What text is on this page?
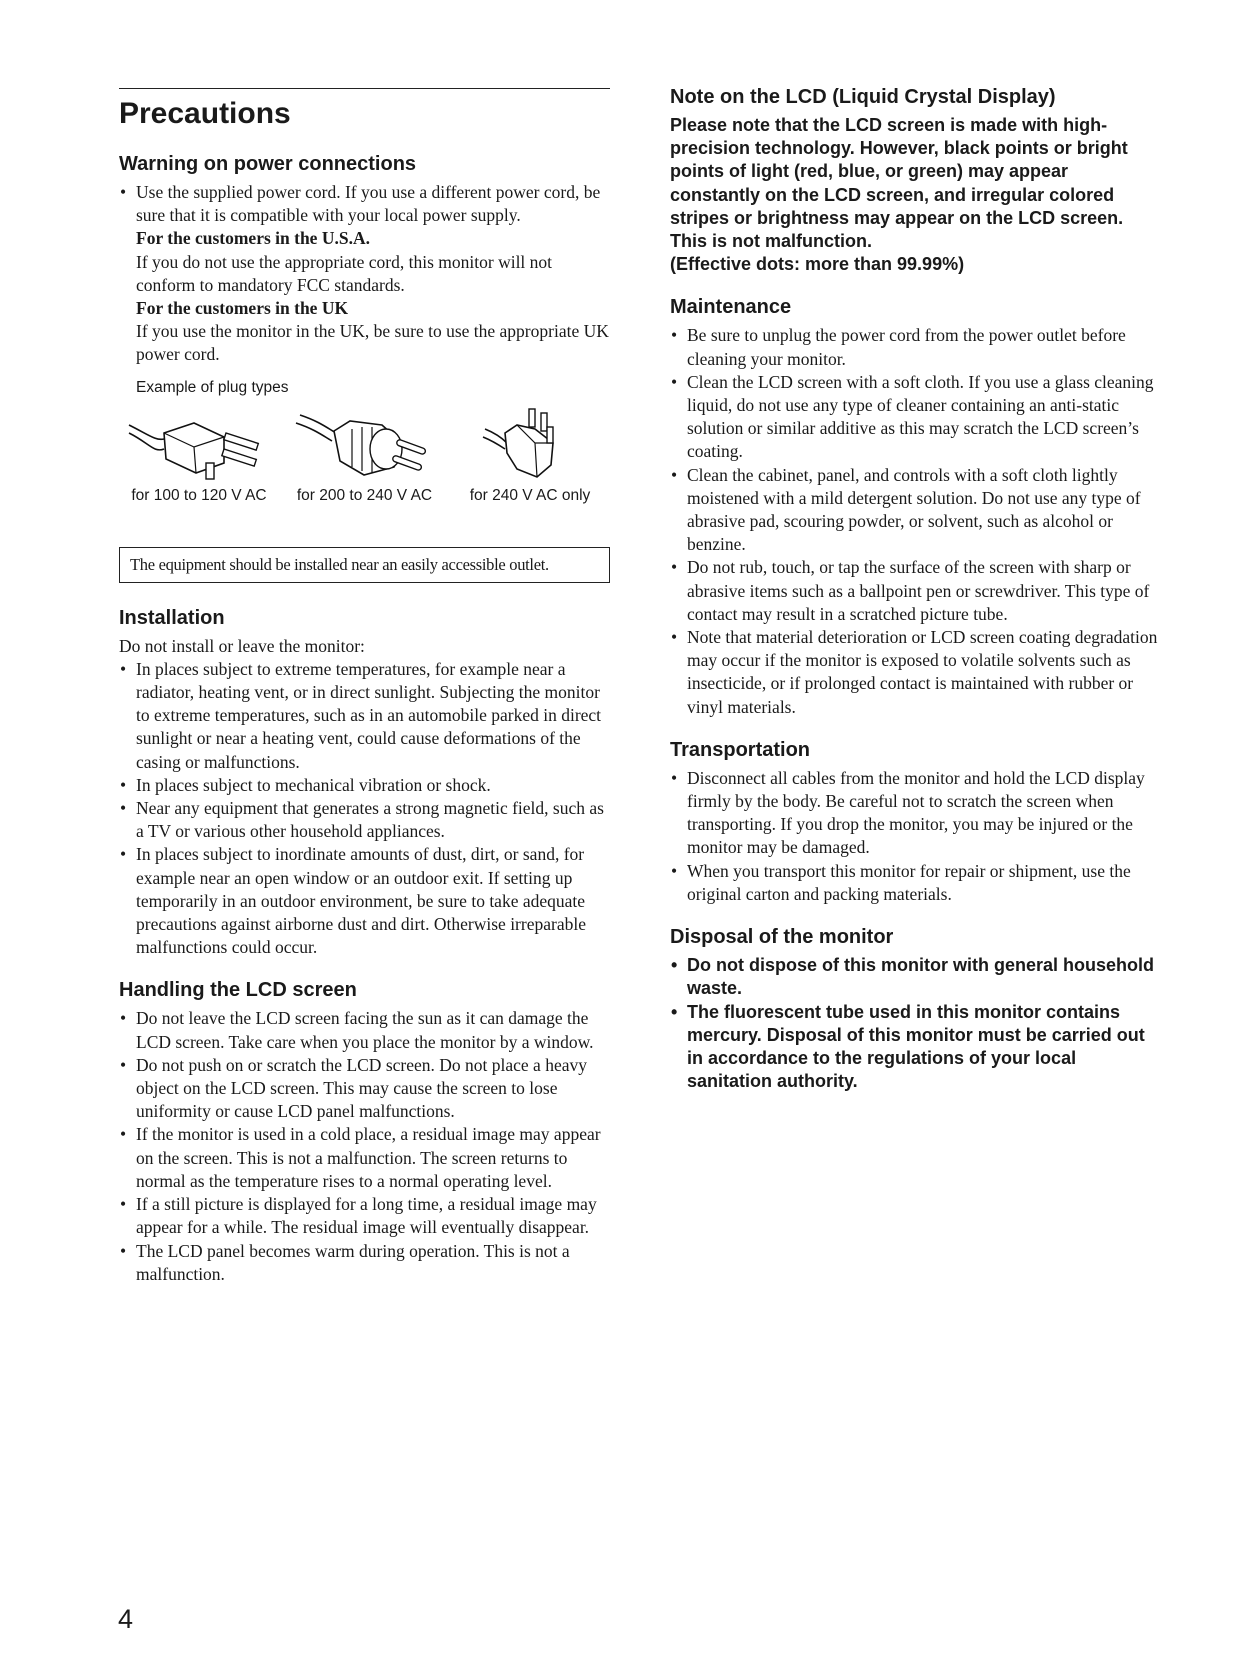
Precautions
Warning on power connections
• Use the supplied power cord. If you use a different power cord, be sure that it is compatible with your local power supply.
For the customers in the U.S.A.
If you do not use the appropriate cord, this monitor will not conform to mandatory FCC standards.
For the customers in the UK
If you use the monitor in the UK, be sure to use the appropriate UK power cord.
Example of plug types
for 100 to 120 V AC	for 200 to 240 V AC	for 240 V AC only
The equipment should be installed near an easily accessible outlet.
Installation
Do not install or leave the monitor:
• In places subject to extreme temperatures, for example near a radiator, heating vent, or in direct sunlight. Subjecting the monitor to extreme temperatures, such as in an automobile parked in direct sunlight or near a heating vent, could cause deformations of the casing or malfunctions.
• In places subject to mechanical vibration or shock.
• Near any equipment that generates a strong magnetic field, such as a TV or various other household appliances.
• In places subject to inordinate amounts of dust, dirt, or sand, for example near an open window or an outdoor exit. If setting up temporarily in an outdoor environment, be sure to take adequate precautions against airborne dust and dirt. Otherwise irreparable malfunctions could occur.
Handling the LCD screen
• Do not leave the LCD screen facing the sun as it can damage the LCD screen. Take care when you place the monitor by a window.
• Do not push on or scratch the LCD screen. Do not place a heavy object on the LCD screen. This may cause the screen to lose uniformity or cause LCD panel malfunctions.
• If the monitor is used in a cold place, a residual image may appear on the screen. This is not a malfunction. The screen returns to normal as the temperature rises to a normal operating level.
• If a still picture is displayed for a long time, a residual image may appear for a while. The residual image will eventually disappear.
• The LCD panel becomes warm during operation. This is not a malfunction.
Note on the LCD (Liquid Crystal Display)
Please note that the LCD screen is made with high-precision technology. However, black points or bright points of light (red, blue, or green) may appear constantly on the LCD screen, and irregular colored stripes or brightness may appear on the LCD screen. This is not malfunction.
(Effective dots: more than 99.99%)
Maintenance
• Be sure to unplug the power cord from the power outlet before cleaning your monitor.
• Clean the LCD screen with a soft cloth. If you use a glass cleaning liquid, do not use any type of cleaner containing an anti-static solution or similar additive as this may scratch the LCD screen’s coating.
• Clean the cabinet, panel, and controls with a soft cloth lightly moistened with a mild detergent solution. Do not use any type of abrasive pad, scouring powder, or solvent, such as alcohol or benzine.
• Do not rub, touch, or tap the surface of the screen with sharp or abrasive items such as a ballpoint pen or screwdriver. This type of contact may result in a scratched picture tube.
• Note that material deterioration or LCD screen coating degradation may occur if the monitor is exposed to volatile solvents such as insecticide, or if prolonged contact is maintained with rubber or vinyl materials.
Transportation
• Disconnect all cables from the monitor and hold the LCD display firmly by the body. Be careful not to scratch the screen when transporting. If you drop the monitor, you may be injured or the monitor may be damaged.
• When you transport this monitor for repair or shipment, use the original carton and packing materials.
Disposal of the monitor
• Do not dispose of this monitor with general household waste.
• The fluorescent tube used in this monitor contains mercury. Disposal of this monitor must be carried out in accordance to the regulations of your local sanitation authority.
4
